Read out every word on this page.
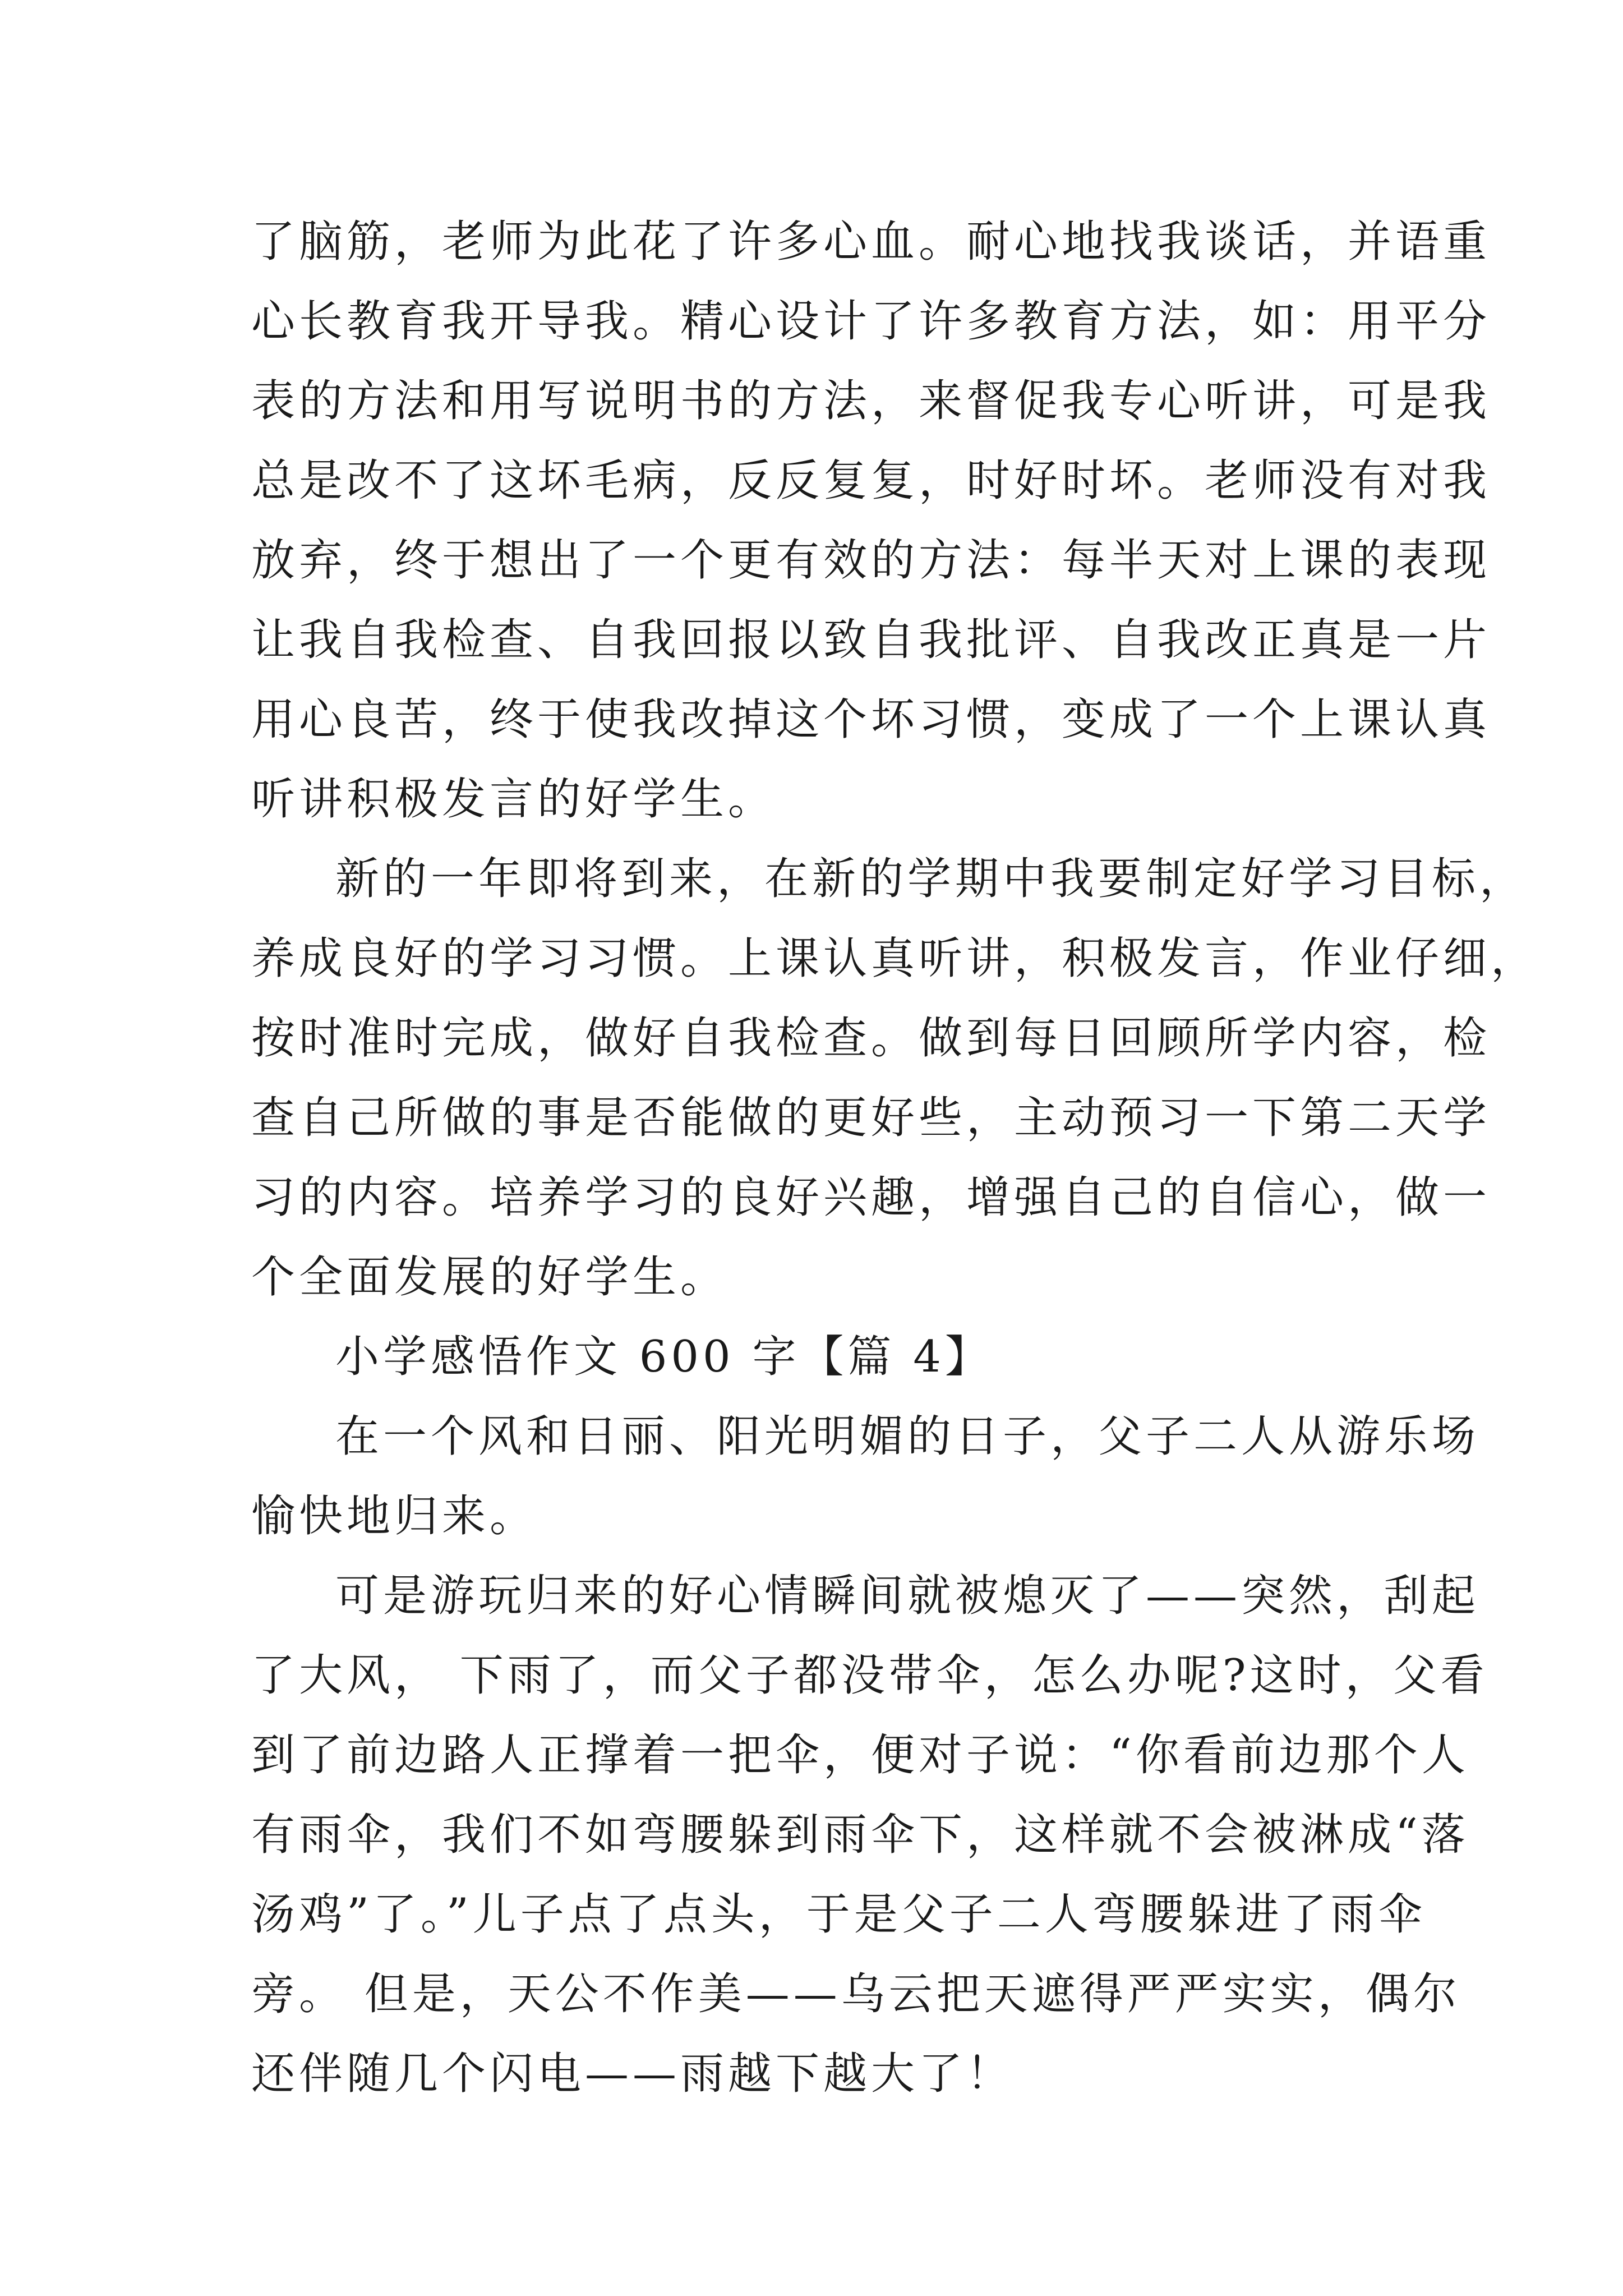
了脑筋，老师为此花了许多心血。耐心地找我谈话，并语重
心长教育我开导我。精心设计了许多教育方法，如：用平分
表的方法和用写说明书的方法，来督促我专心听讲，可是我
总是改不了这坏毛病，反反复复，时好时坏。老师没有对我
放弃，终于想出了一个更有效的方法：每半天对上课的表现
让我自我检查、自我回报以致自我批评、自我改正真是一片
用心良苦，终于使我改掉这个坏习惯，变成了一个上课认真
听讲积极发言的好学生。
新的一年即将到来，在新的学期中我要制定好学习目标，
养成良好的学习习惯。上课认真听讲，积极发言，作业仔细，
按时准时完成，做好自我检查。做到每日回顾所学内容，检
查自己所做的事是否能做的更好些，主动预习一下第二天学
习的内容。培养学习的良好兴趣，增强自己的自信心，做一
个全面发展的好学生。
小学感悟作文 600 字【篇 4】
在一个风和日丽、阳光明媚的日子，父子二人从游乐场
愉快地归来。
可是游玩归来的好心情瞬间就被熄灭了——突然，刮起
了大风， 下雨了，而父子都没带伞，怎么办呢?这时，父看
到了前边路人正撑着一把伞，便对子说：“你看前边那个人
有雨伞，我们不如弯腰躲到雨伞下，这样就不会被淋成“落
汤鸡”了。”儿子点了点头，于是父子二人弯腰躲进了雨伞
旁。 但是，天公不作美——乌云把天遮得严严实实，偶尔
还伴随几个闪电——雨越下越大了！
